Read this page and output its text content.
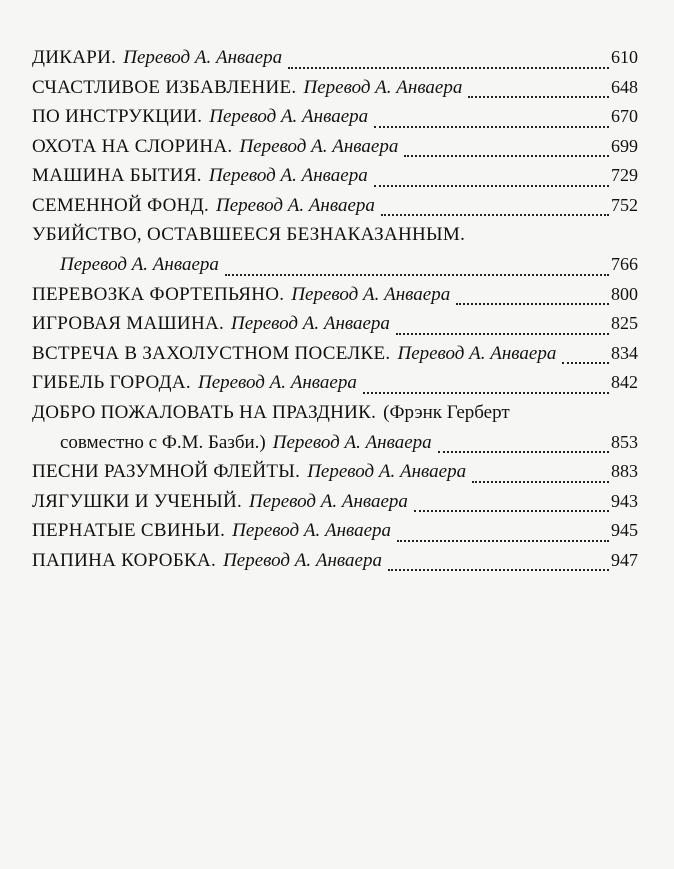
ДИКАРИ. Перевод А. Анваера	610
СЧАСТЛИВОЕ ИЗБАВЛЕНИЕ. Перевод А. Анваера	648
ПО ИНСТРУКЦИИ. Перевод А. Анваера	670
ОХОТА НА СЛОРИНА. Перевод А. Анваера	699
МАШИНА БЫТИЯ. Перевод А. Анваера	729
СЕМЕННОЙ ФОНД. Перевод А. Анваера	752
УБИЙСТВО, ОСТАВШЕЕСЯ БЕЗНАКАЗАННЫМ.
Перевод А. Анваера	766
ПЕРЕВОЗКА ФОРТЕПЬЯНО. Перевод А. Анваера	800
ИГРОВАЯ МАШИНА. Перевод А. Анваера	825
ВСТРЕЧА В ЗАХОЛУСТНОМ ПОСЕЛКЕ. Перевод А. Анваера	834
ГИБЕЛЬ ГОРОДА. Перевод А. Анваера	842
ДОБРО ПОЖАЛОВАТЬ НА ПРАЗДНИК. (Фрэнк Герберт
совместно с Ф.М. Базби.) Перевод А. Анваера	853
ПЕСНИ РАЗУМНОЙ ФЛЕЙТЫ. Перевод А. Анваера	883
ЛЯГУШКИ И УЧЕНЫЙ. Перевод А. Анваера	943
ПЕРНАТЫЕ СВИНЬИ. Перевод А. Анваера	945
ПАПИНА КОРОБКА. Перевод А. Анваера	947
